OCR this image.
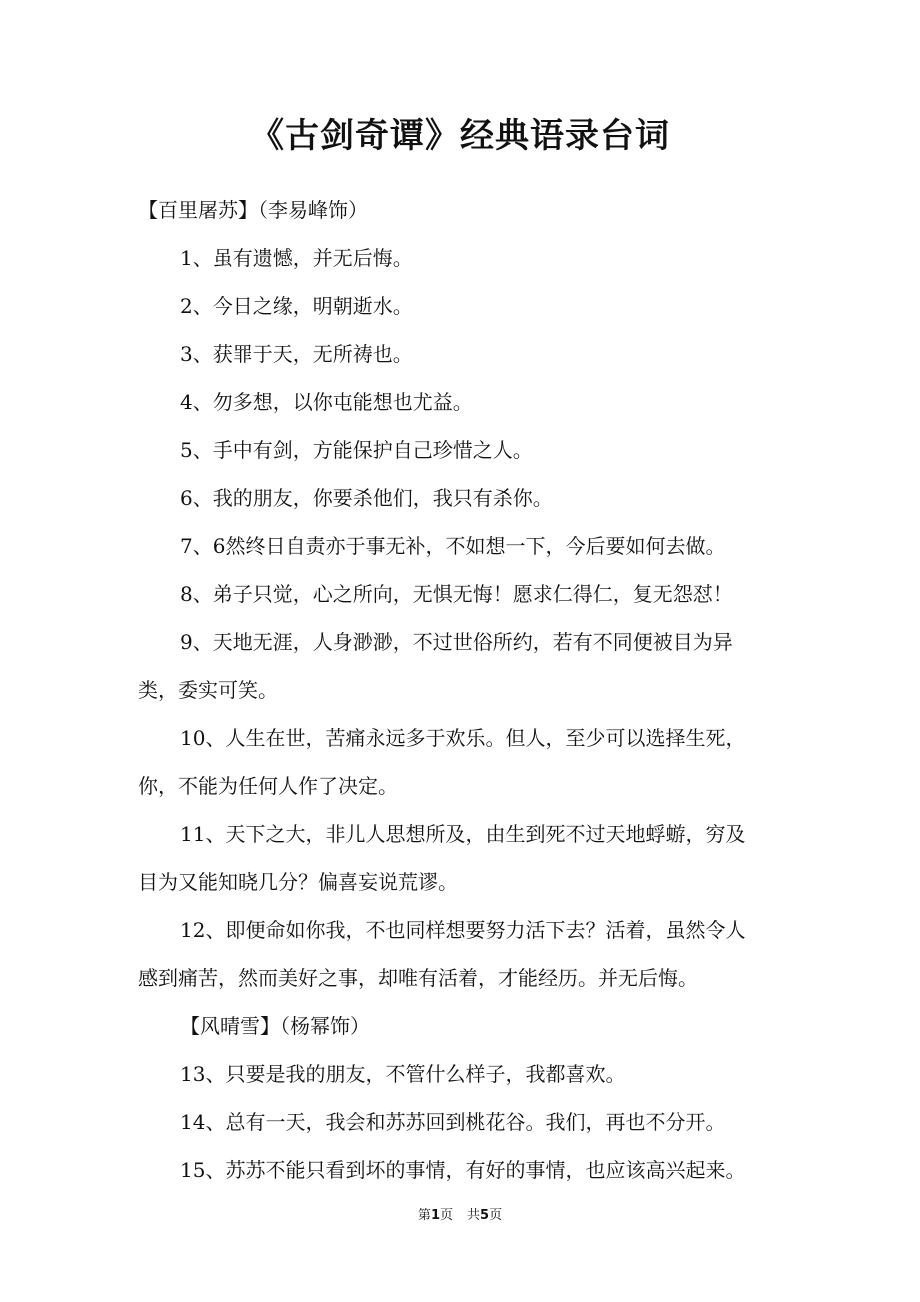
《古剑奇谭》经典语录台词
【百里屠苏】（李易峰饰）
1、虽有遗憾，并无后悔。
2、今日之缘，明朝逝水。
3、获罪于天，无所祷也。
4、勿多想，以你屯能想也尤益。
5、手中有剑，方能保护自己珍惜之人。
6、我的朋友，你要杀他们，我只有杀你。
7、6然终日自责亦于事无补，不如想一下，今后要如何去做。
8、弟子只觉，心之所向，无惧无悔！愿求仁得仁，复无怨怼！
9、天地无涯，人身渺渺，不过世俗所约，若有不同便被目为异
类，委实可笑。
10、人生在世，苦痛永远多于欢乐。但人，至少可以选择生死，
你，不能为任何人作了决定。
11、天下之大，非儿人思想所及，由生到死不过天地蜉蝣，穷及
目为又能知晓几分？偏喜妄说荒谬。
12、即便命如你我，不也同样想要努力活下去？活着，虽然令人
感到痛苦，然而美好之事，却唯有活着，才能经历。并无后悔。
【风晴雪】（杨幂饰）
13、只要是我的朋友，不管什么样子，我都喜欢。
14、总有一天，我会和苏苏回到桃花谷。我们，再也不分开。
15、苏苏不能只看到坏的事情，有好的事情，也应该高兴起来。
第1页 共5页
